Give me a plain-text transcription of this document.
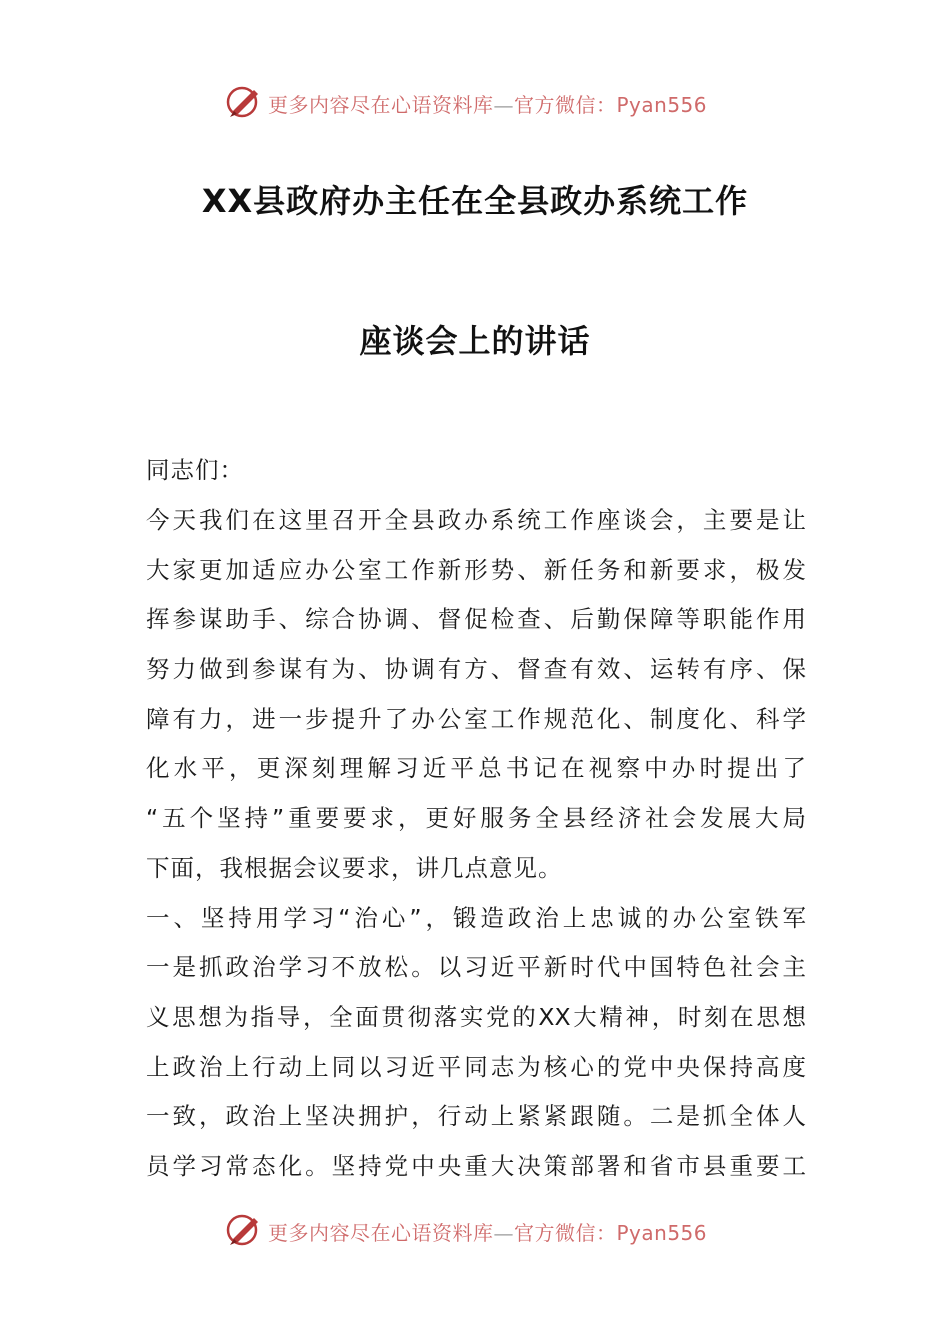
更多内容尽在心语资料库—官方微信：Pyan556
XX县政府办主任在全县政办系统工作
座谈会上的讲话
同志们：
今天我们在这里召开全县政办系统工作座谈会，主要是让
大家更加适应办公室工作新形势、新任务和新要求，极发
挥参谋助手、综合协调、督促检查、后勤保障等职能作用
努力做到参谋有为、协调有方、督查有效、运转有序、保
障有力，进一步提升了办公室工作规范化、制度化、科学
化水平，更深刻理解习近平总书记在视察中办时提出了
“五个坚持”重要要求，更好服务全县经济社会发展大局
下面，我根据会议要求，讲几点意见。
一、坚持用学习“治心”，锻造政治上忠诚的办公室铁军
一是抓政治学习不放松。以习近平新时代中国特色社会主
义思想为指导，全面贯彻落实党的XX大精神，时刻在思想
上政治上行动上同以习近平同志为核心的党中央保持高度
一致，政治上坚决拥护，行动上紧紧跟随。二是抓全体人
员学习常态化。坚持党中央重大决策部署和省市县重要工
更多内容尽在心语资料库—官方微信：Pyan556
